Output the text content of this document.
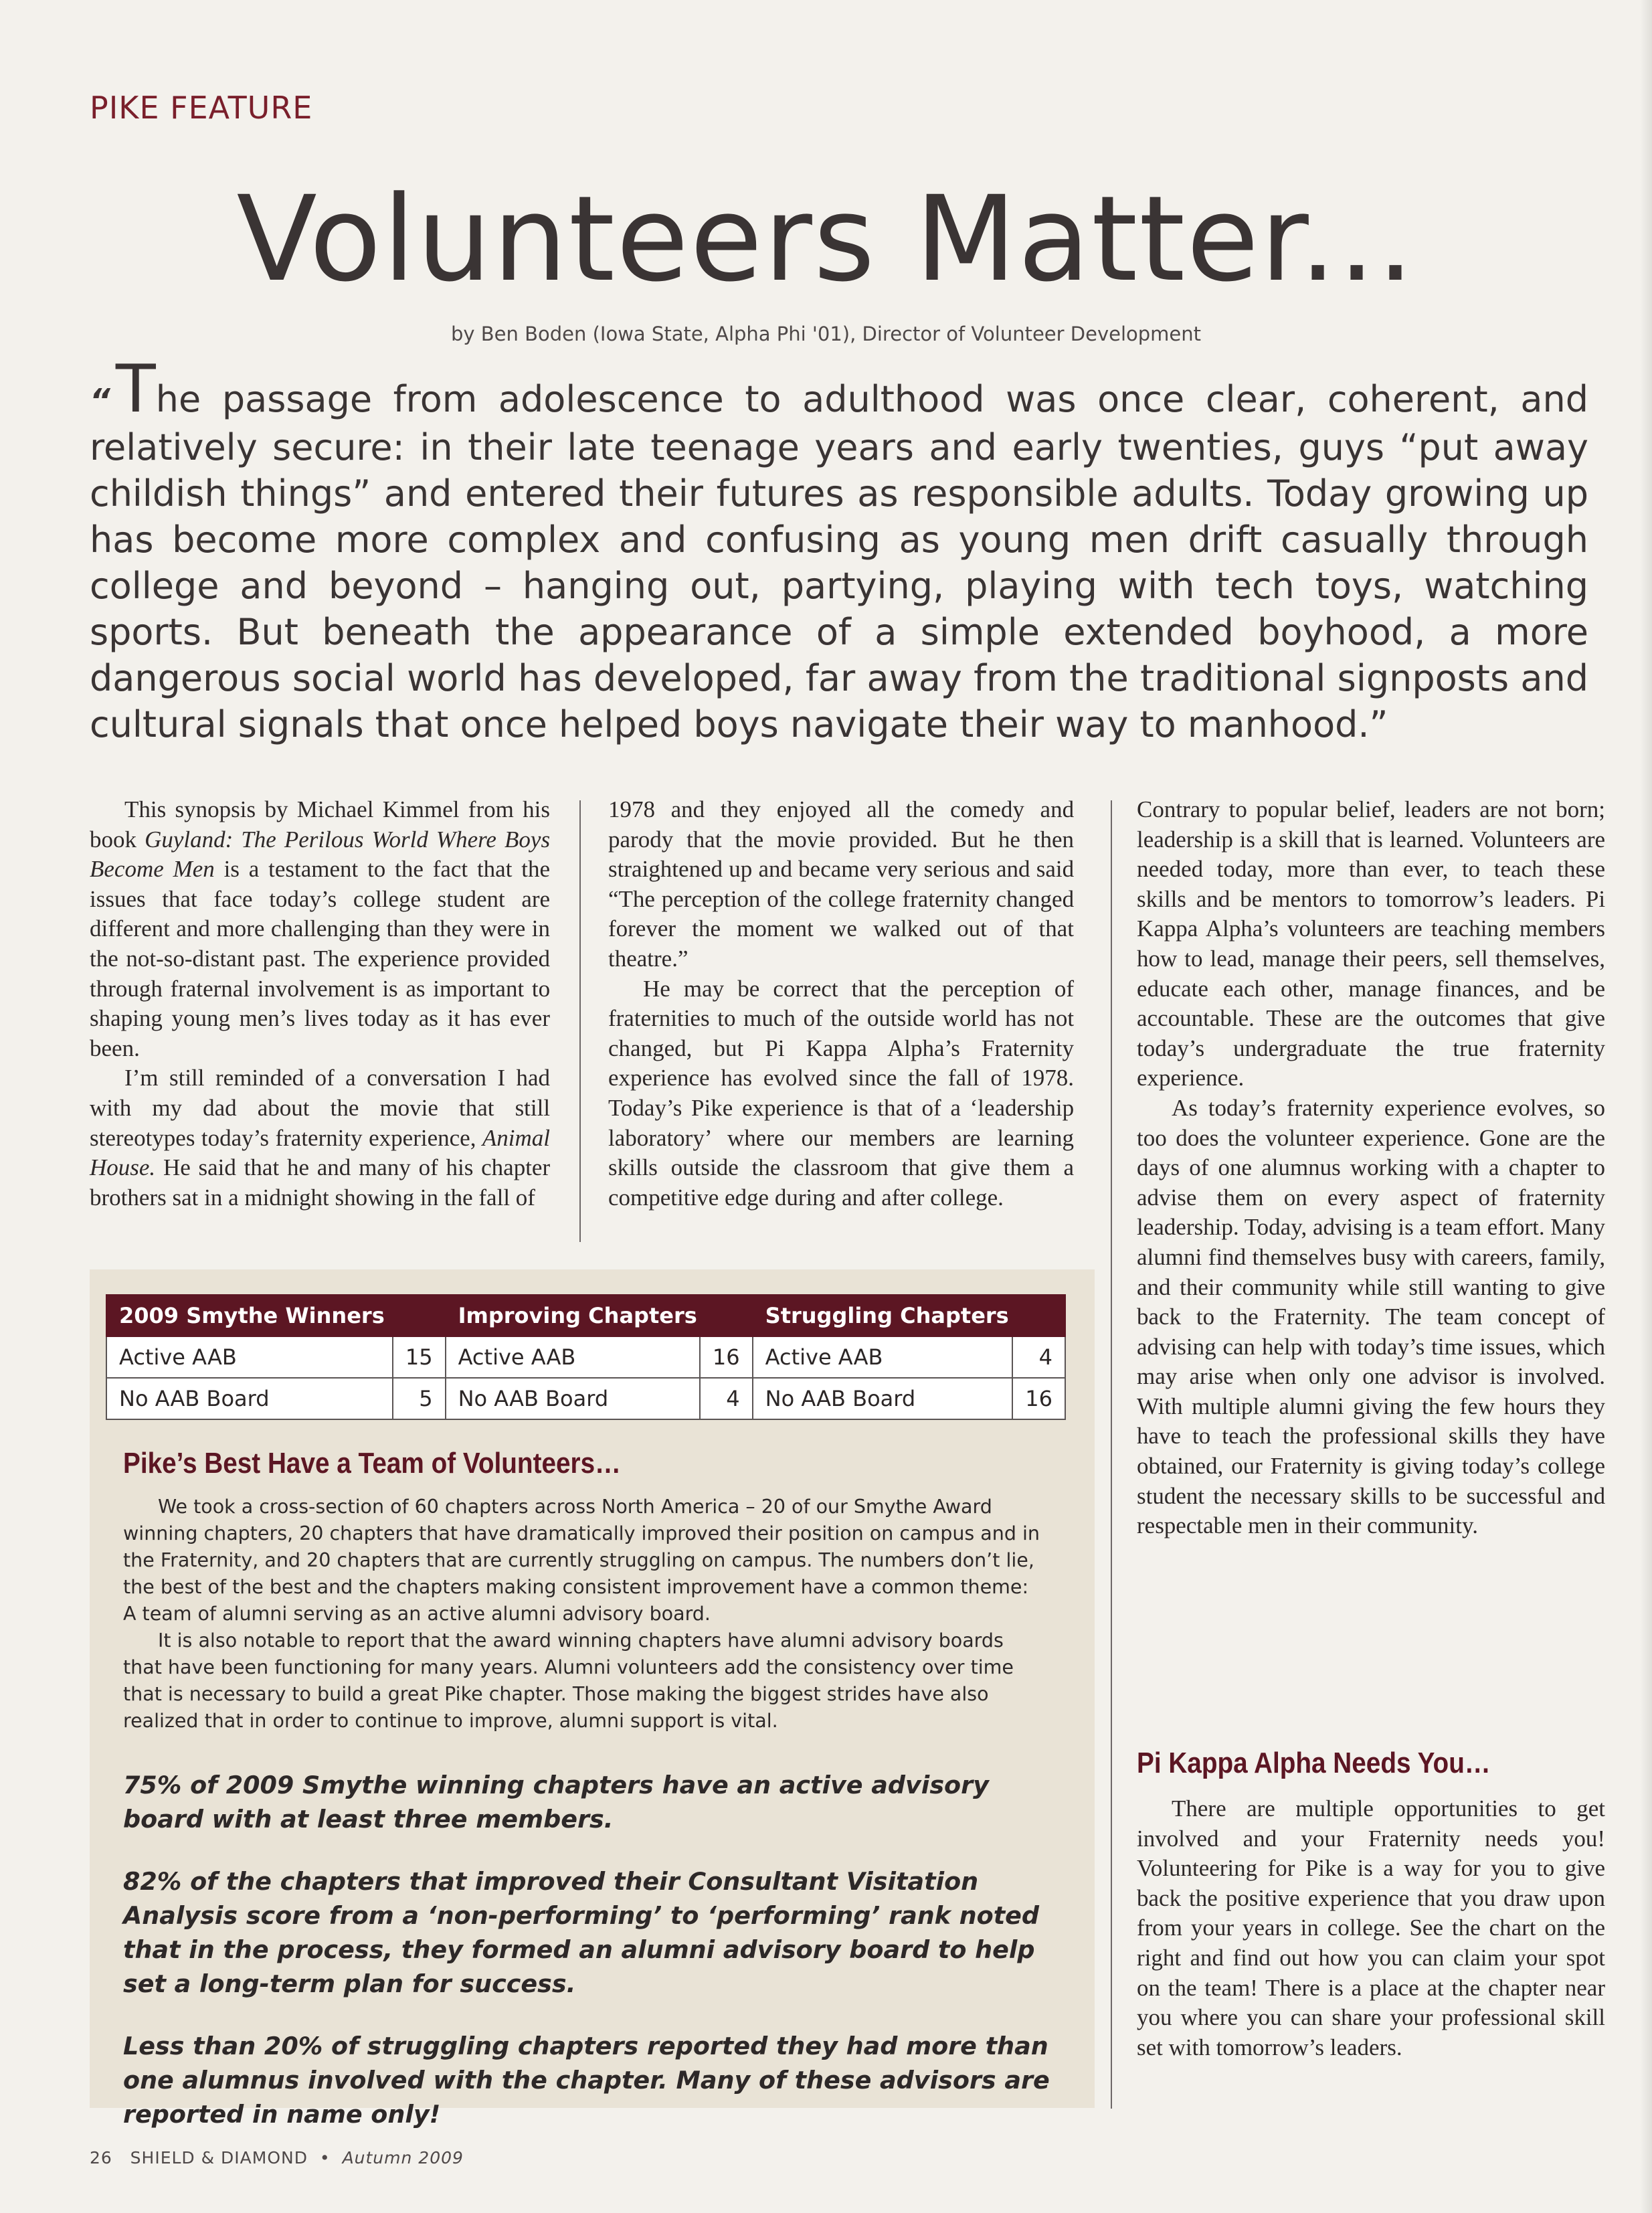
PIKE FEATURE
Volunteers Matter...
by Ben Boden (Iowa State, Alpha Phi '01), Director of Volunteer Development
“The passage from adolescence to adulthood was once clear, coherent, and relatively secure: in their late teenage years and early twenties, guys “put away childish things” and entered their futures as responsible adults. Today growing up has become more complex and confusing as young men drift casually through college and beyond – hanging out, partying, playing with tech toys, watching sports. But beneath the appearance of a simple extended boyhood, a more dangerous social world has developed, far away from the traditional signposts and cultural signals that once helped boys navigate their way to manhood.”

This synopsis by Michael Kimmel from his book Guyland: The Perilous World Where Boys Become Men is a testament to the fact that the issues that face today’s college student are different and more challenging than they were in the not-so-distant past. The experience provided through fraternal involvement is as important to shaping young men’s lives today as it has ever been.

I’m still reminded of a conversation I had with my dad about the movie that still stereotypes today’s fraternity experience, Animal House. He said that he and many of his chapter brothers sat in a midnight showing in the fall of

1978 and they enjoyed all the comedy and parody that the movie provided. But he then straightened up and became very serious and said “The perception of the college fraternity changed forever the moment we walked out of that theatre.”

He may be correct that the perception of fraternities to much of the outside world has not changed, but Pi Kappa Alpha’s Fraternity experience has evolved since the fall of 1978. Today’s Pike experience is that of a ‘leadership laboratory’ where our members are learning skills outside the classroom that give them a competitive edge during and after college.

Contrary to popular belief, leaders are not born; leadership is a skill that is learned. Volunteers are needed today, more than ever, to teach these skills and be mentors to tomorrow’s leaders. Pi Kappa Alpha’s volunteers are teaching members how to lead, manage their peers, sell themselves, educate each other, manage finances, and be accountable. These are the outcomes that give today’s undergraduate the true fraternity experience.

As today’s fraternity experience evolves, so too does the volunteer experience. Gone are the days of one alumnus working with a chapter to advise them on every aspect of fraternity leadership. Today, advising is a team effort. Many alumni find themselves busy with careers, family, and their community while still wanting to give back to the Fraternity. The team concept of advising can help with today’s time issues, which may arise when only one advisor is involved. With multiple alumni giving the few hours they have to teach the professional skills they have obtained, our Fraternity is giving today’s college student the necessary skills to be successful and respectable men in their community.

2009 Smythe Winners		Improving Chapters		Struggling Chapters	
Active AAB	15	Active AAB	16	Active AAB	4
No AAB Board	5	No AAB Board	4	No AAB Board	16
Pike’s Best Have a Team of Volunteers…

We took a cross-section of 60 chapters across North America – 20 of our Smythe Award winning chapters, 20 chapters that have dramatically improved their position on campus and in the Fraternity, and 20 chapters that are currently struggling on campus. The numbers don’t lie, the best of the best and the chapters making consistent improvement have a common theme: A team of alumni serving as an active alumni advisory board.

It is also notable to report that the award winning chapters have alumni advisory boards that have been functioning for many years. Alumni volunteers add the consistency over time that is necessary to build a great Pike chapter. Those making the biggest strides have also realized that in order to continue to improve, alumni support is vital.

75% of 2009 Smythe winning chapters have an active advisory board with at least three members.

82% of the chapters that improved their Consultant Visitation Analysis score from a ‘non-performing’ to ‘performing’ rank noted that in the process, they formed an alumni advisory board to help set a long-term plan for success.

Less than 20% of struggling chapters reported they had more than one alumnus involved with the chapter. Many of these advisors are reported in name only!

Pi Kappa Alpha Needs You…

There are multiple opportunities to get involved and your Fraternity needs you! Volunteering for Pike is a way for you to give back the positive experience that you draw upon from your years in college. See the chart on the right and find out how you can claim your spot on the team! There is a place at the chapter near you where you can share your professional skill set with tomorrow’s leaders.

26 SHIELD & DIAMOND • Autumn 2009
